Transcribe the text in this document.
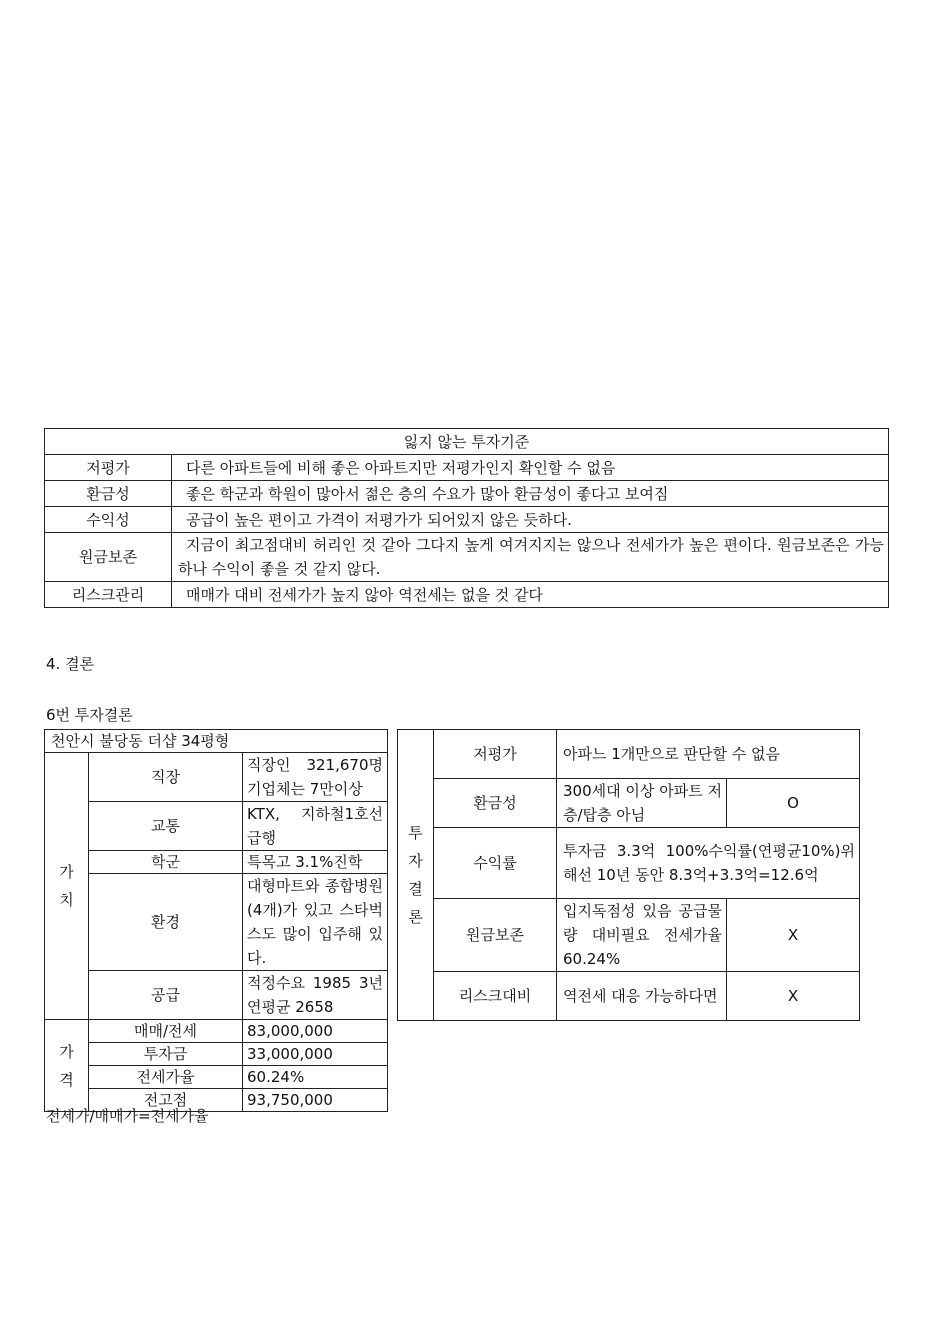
잃지 않는 투자기준	
저평가	다른 아파트들에 비해 좋은 아파트지만 저평가인지 확인할 수 없음
환금성	좋은 학군과 학원이 많아서 젊은 층의 수요가 많아 환금성이 좋다고 보여짐
수익성	공급이 높은 편이고 가격이 저평가가 되어있지 않은 듯하다.
원금보존	지금이 최고점대비 허리인 것 같아 그다지 높게 여겨지지는 않으나 전세가가 높은 편이다. 원금보존은 가능하나 수익이 좋을 것 같지 않다.
리스크관리	매매가 대비 전세가가 높지 않아 역전세는 없을 것 같다
4. 결론
6번 투자결론
천안시 불당동 더샵 34평형		
가치	직장	직장인 321,670명 기업체는 7만이상
	교통	KTX, 지하철1호선 급행
	학군	특목고 3.1%진학
	환경	대형마트와 종합병원(4개)가 있고 스타벅스도 많이 입주해 있다.
	공급	적정수요 1985 3년 연평균 2658
가격	매매/전세	83,000,000
	투자금	33,000,000
	전세가율	60.24%
	전고점	93,750,000
전세가/매매가=전세가율
투자결론	저평가	아파느 1개만으로 판단할 수 없음	
	환금성	300세대 이상 아파트 저층/탑층 아님	O
	수익률	투자금 3.3억 100%수익률(연평균10%)위해선 10년 동안 8.3억+3.3억=12.6억	
	원금보존	입지독점성 있음 공급물량 대비필요 전세가율 60.24%	X
	리스크대비	역전세 대응 가능하다면	X
